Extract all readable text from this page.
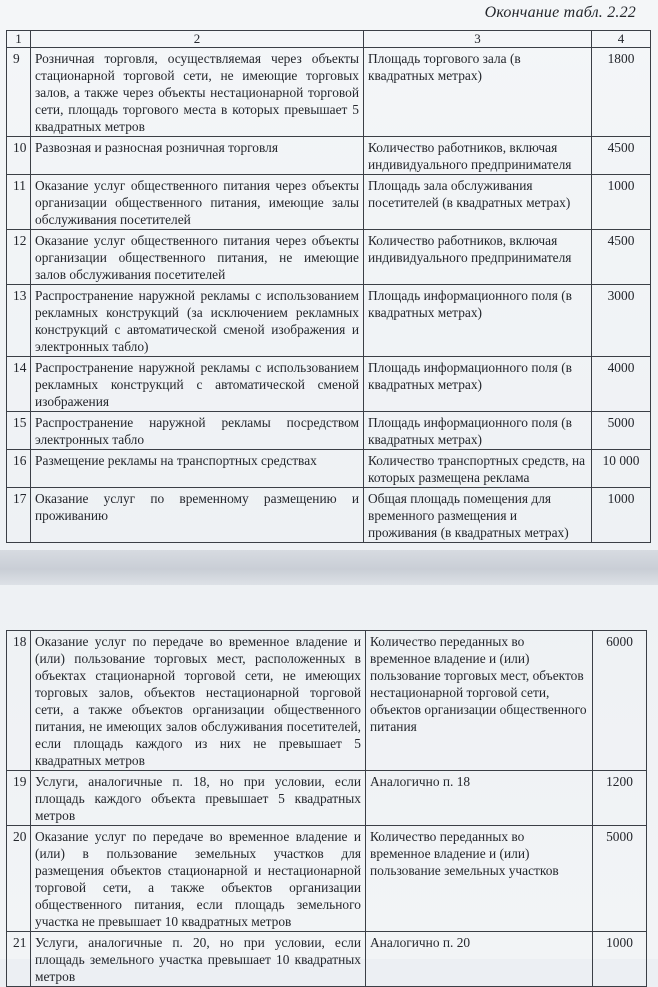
Окончание табл. 2.22
1	2	3	4
9	Розничная торговля, осуществляемая через объекты стационарной торговой сети, не имеющие торговых залов, а также через объекты нестационарной торговой сети, площадь торгового места в которых превышает 5 квадратных метров	Площадь торгового зала (в квадратных метрах)	1800
10	Развозная и разносная розничная торговля	Количество работников, включая индивидуального предпринимателя	4500
11	Оказание услуг общественного питания через объекты организации общественного питания, имеющие залы обслуживания посетителей	Площадь зала обслуживания посетителей (в квадратных метрах)	1000
12	Оказание услуг общественного питания через объекты организации общественного питания, не имеющие залов обслуживания посетителей	Количество работников, включая индивидуального предпринимателя	4500
13	Распространение наружной рекламы с использованием рекламных конструкций (за исключением рекламных конструкций с автоматической сменой изображения и электронных табло)	Площадь информационного поля (в квадратных метрах)	3000
14	Распространение наружной рекламы с использованием рекламных конструкций с автоматической сменой изображения	Площадь информационного поля (в квадратных метрах)	4000
15	Распространение наружной рекламы посредством электронных табло	Площадь информационного поля (в квадратных метрах)	5000
16	Размещение рекламы на транспортных средствах	Количество транспортных средств, на которых размещена реклама	10 000
17	Оказание услуг по временному размещению и проживанию	Общая площадь помещения для временного размещения и проживания (в квадратных метрах)	1000
18	Оказание услуг по передаче во временное владение и (или) пользование торговых мест, расположенных в объектах стационарной торговой сети, не имеющих торговых залов, объектов нестационарной торговой сети, а также объектов организации общественного питания, не имеющих залов обслуживания посетителей, если площадь каждого из них не превышает 5 квадратных метров	Количество переданных во временное владение и (или) пользование торговых мест, объектов нестационарной торговой сети, объектов организации общественного питания	6000
19	Услуги, аналогичные п. 18, но при условии, если площадь каждого объекта превышает 5 квадратных метров	Аналогично п. 18	1200
20	Оказание услуг по передаче во временное владение и (или) в пользование земельных участков для размещения объектов стационарной и нестационарной торговой сети, а также объектов организации общественного питания, если площадь земельного участка не превышает 10 квадратных метров	Количество переданных во временное владение и (или) пользование земельных участков	5000
21	Услуги, аналогичные п. 20, но при условии, если площадь земельного участка превышает 10 квадратных метров	Аналогично п. 20	1000
